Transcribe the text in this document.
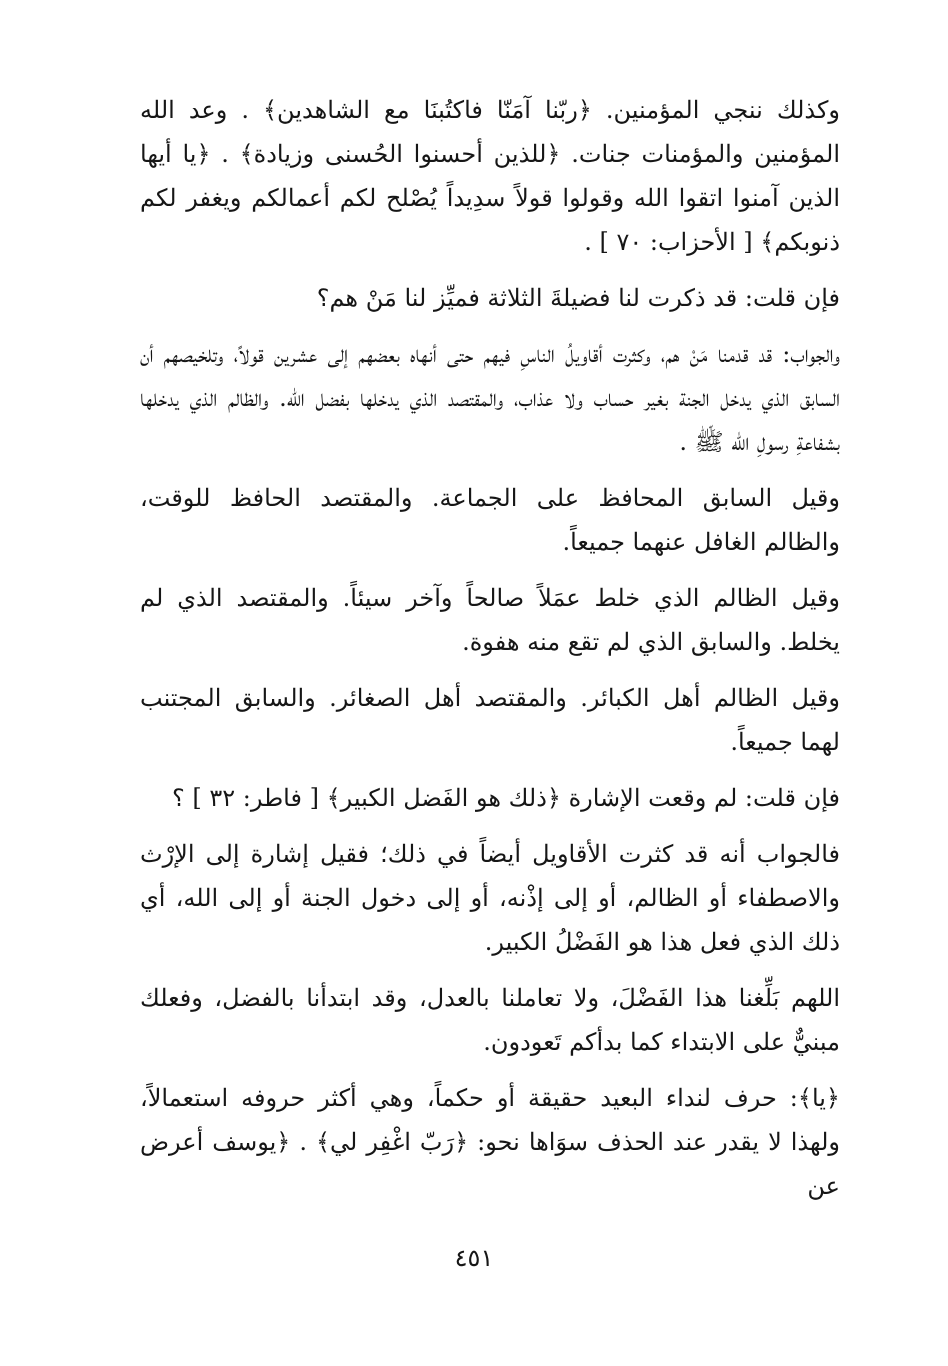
وكذلك ننجي المؤمنين. ﴿ربّنا آمَنّا فاكتُبنَا مع الشاهدين﴾ . وعد الله المؤمنين والمؤمنات جنات. ﴿للذين أحسنوا الحُسنى وزيادة﴾ . ﴿يا أيها الذين آمنوا اتقوا الله وقولوا قولاً سدِيداً يُصْلح لكم أعمالكم ويغفر لكم ذنوبكم﴾ [ الأحزاب: ٧٠ ] .

فإن قلت: قد ذكرت لنا فضيلةَ الثلاثة فميِّز لنا مَنْ هم؟

والجواب: قد قدمنا مَنْ هم، وكثرت أقاويلُ الناسِ فيهم حتى أنهاه بعضهم إلى عشرين قولاً، وتلخيصهم أن السابق الذي يدخل الجنة بغير حساب ولا عذاب، والمقتصد الذي يدخلها بفضل الله. والظالم الذي يدخلها بشفاعةِ رسولِ الله ﷺ .

وقيل السابق المحافظ على الجماعة. والمقتصد الحافظ للوقت، والظالم الغافل عنهما جميعاً.

وقيل الظالم الذي خلط عمَلاً صالحاً وآخر سيئاً. والمقتصد الذي لم يخلط. والسابق الذي لم تقع منه هفوة.

وقيل الظالم أهل الكبائر. والمقتصد أهل الصغائر. والسابق المجتنب لهما جميعاً.

فإن قلت: لم وقعت الإشارة ﴿ذلك هو الفَضل الكبير﴾ [ فاطر: ٣٢ ] ؟

فالجواب أنه قد كثرت الأقاويل أيضاً في ذلك؛ فقيل إشارة إلى الإرْث والاصطفاء أو الظالم، أو إلى إذْنه، أو إلى دخول الجنة أو إلى الله، أي ذلك الذي فعل هذا هو الفَضْلُ الكبير.

اللهم بَلِّغنا هذا الفَضْلَ، ولا تعاملنا بالعدل، وقد ابتدأنا بالفضل، وفعلك مبنيٌّ على الابتداء كما بدأكم تَعودون.

﴿يا﴾: حرف لنداء البعيد حقيقة أو حكماً، وهي أكثر حروفه استعمالاً، ولهذا لا يقدر عند الحذف سوَاها نحو: ﴿رَبّ اغْفِر لي﴾ . ﴿يوسف أعرض عن

٤٥١
